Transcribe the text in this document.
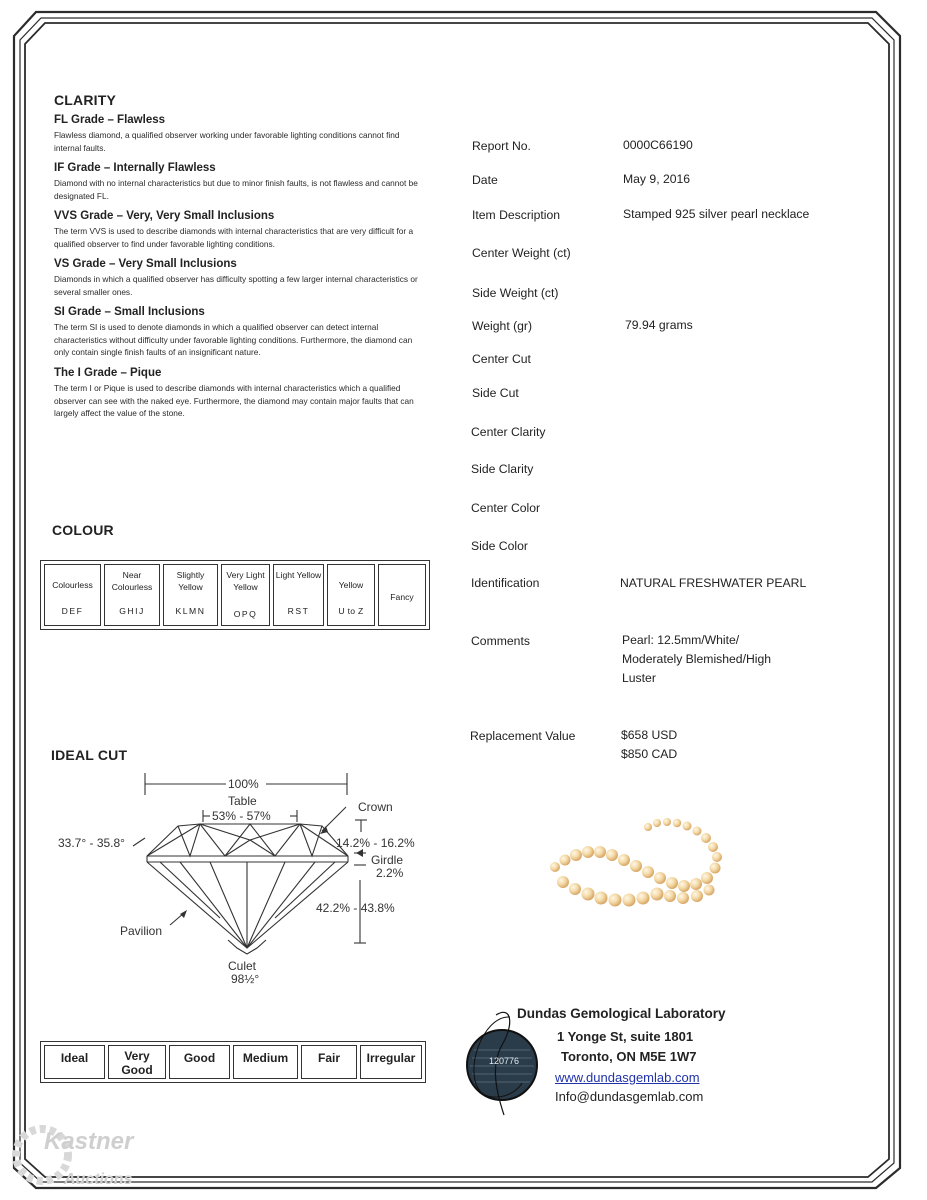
CLARITY
FL Grade – Flawless
Flawless diamond, a qualified observer working under favorable lighting conditions cannot find internal faults.
IF Grade – Internally Flawless
Diamond with no internal characteristics but due to minor finish faults, is not flawless and cannot be designated FL.
VVS Grade – Very, Very Small Inclusions
The term VVS is used to describe diamonds with internal characteristics that are very difficult for a qualified observer to find under favorable lighting conditions.
VS Grade – Very Small Inclusions
Diamonds in which a qualified observer has difficulty spotting a few larger internal characteristics or several smaller ones.
SI Grade – Small Inclusions
The term SI is used to denote diamonds in which a qualified observer can detect internal characteristics without difficulty under favorable lighting conditions. Furthermore, the diamond can only contain single finish faults of an insignificant nature.
The I Grade – Pique
The term I or Pique is used to describe diamonds with internal characteristics which a qualified observer can see with the naked eye. Furthermore, the diamond may contain major faults that can largely affect the value of the stone.
Report No.	0000C66190
Date	May 9, 2016
Item Description	Stamped 925 silver pearl necklace
Center Weight (ct)
Side Weight (ct)
Weight (gr)	79.94 grams
Center Cut
Side Cut
Center Clarity
Side Clarity
Center Color
Side Color
Identification	NATURAL FRESHWATER PEARL
Comments	Pearl: 12.5mm/White/ Moderately Blemished/High Luster
Replacement Value	$658 USD
$850 CAD
COLOUR
Colourless
DEF
Near Colourless
GHIJ
Slightly Yellow
KLMN
Very Light Yellow
OPQ
Light Yellow
RST
Yellow
U to Z
Fancy
IDEAL CUT
100%
Table
53% - 57%
Crown
33.7° - 35.8°	14.2% - 16.2%
Girdle
2.2%
42.2% - 43.8%
Pavilion
Culet
98½°
Ideal	Very Good
Good	Medium	Fair	Irregular	120776
Dundas Gemological Laboratory
1 Yonge St, suite 1801
Toronto, ON M5E 1W7
www.dundasgemlab.com
Info@dundasgemlab.com
Kastner
Auctions
